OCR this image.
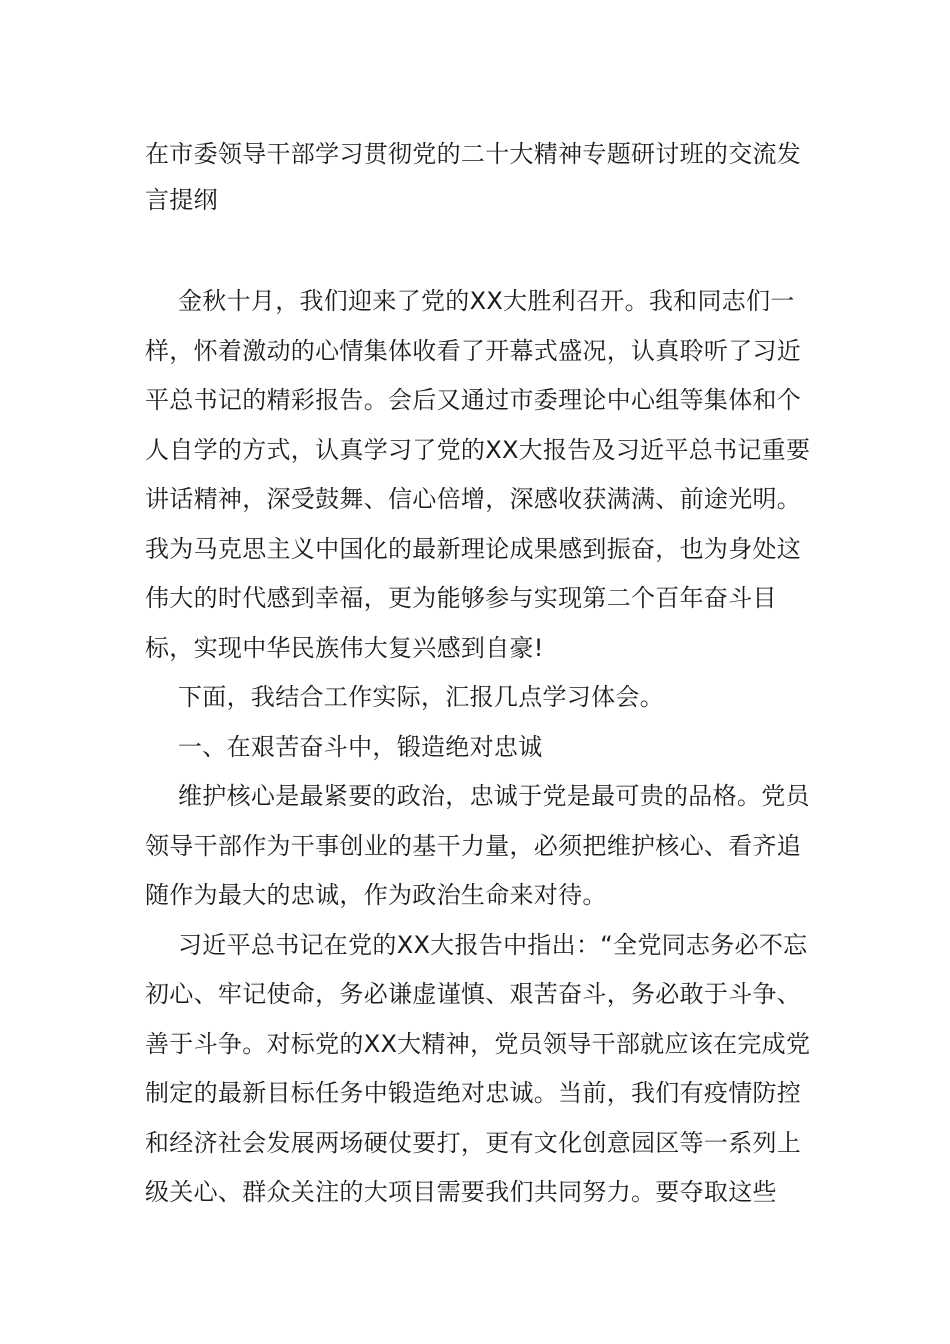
在市委领导干部学习贯彻党的二十大精神专题研讨班的交流发言提纲

金秋十月，我们迎来了党的XX大胜利召开。我和同志们一样，怀着激动的心情集体收看了开幕式盛况，认真聆听了习近平总书记的精彩报告。会后又通过市委理论中心组等集体和个人自学的方式，认真学习了党的XX大报告及习近平总书记重要讲话精神，深受鼓舞、信心倍增，深感收获满满、前途光明。我为马克思主义中国化的最新理论成果感到振奋，也为身处这伟大的时代感到幸福，更为能够参与实现第二个百年奋斗目标，实现中华民族伟大复兴感到自豪!

下面，我结合工作实际，汇报几点学习体会。

一、在艰苦奋斗中，锻造绝对忠诚

维护核心是最紧要的政治，忠诚于党是最可贵的品格。党员领导干部作为干事创业的基干力量，必须把维护核心、看齐追随作为最大的忠诚，作为政治生命来对待。

习近平总书记在党的XX大报告中指出：“全党同志务必不忘初心、牢记使命，务必谦虚谨慎、艰苦奋斗，务必敢于斗争、善于斗争。对标党的XX大精神，党员领导干部就应该在完成党制定的最新目标任务中锻造绝对忠诚。当前，我们有疫情防控和经济社会发展两场硬仗要打，更有文化创意园区等一系列上级关心、群众关注的大项目需要我们共同努力。要夺取这些
